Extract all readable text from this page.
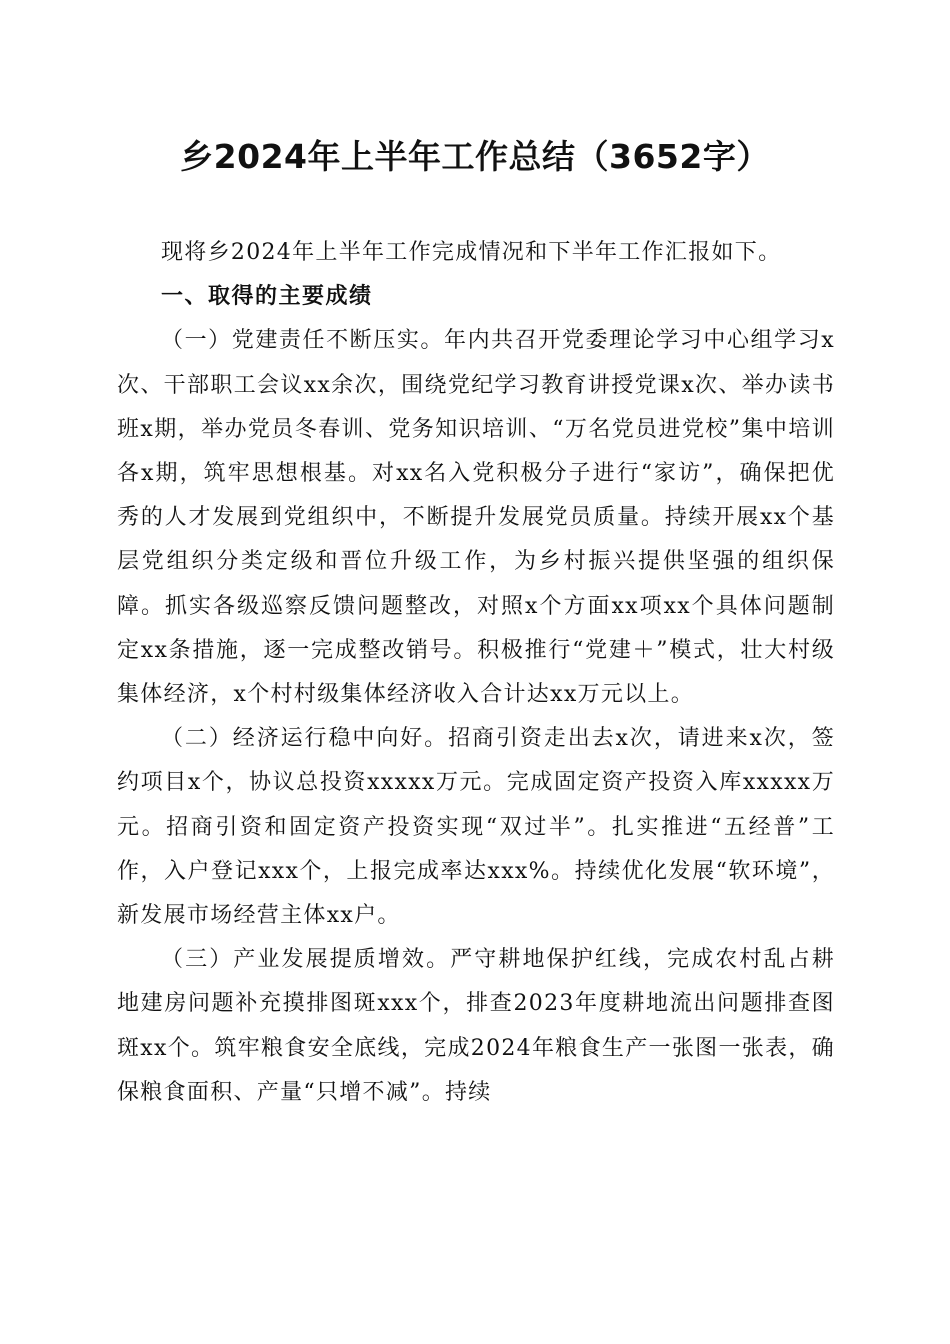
乡2024年上半年工作总结（3652字）

现将乡2024年上半年工作完成情况和下半年工作汇报如下。

一、取得的主要成绩

（一）党建责任不断压实。年内共召开党委理论学习中心组学习x次、干部职工会议xx余次，围绕党纪学习教育讲授党课x次、举办读书班x期，举办党员冬春训、党务知识培训、“万名党员进党校”集中培训各x期，筑牢思想根基。对xx名入党积极分子进行“家访”，确保把优秀的人才发展到党组织中，不断提升发展党员质量。持续开展xx个基层党组织分类定级和晋位升级工作，为乡村振兴提供坚强的组织保障。抓实各级巡察反馈问题整改，对照x个方面xx项xx个具体问题制定xx条措施，逐一完成整改销号。积极推行“党建＋”模式，壮大村级集体经济，x个村村级集体经济收入合计达xx万元以上。

（二）经济运行稳中向好。招商引资走出去x次，请进来x次，签约项目x个，协议总投资xxxxx万元。完成固定资产投资入库xxxxx万元。招商引资和固定资产投资实现“双过半”。扎实推进“五经普”工作，入户登记xxx个，上报完成率达xxx%。持续优化发展“软环境”，新发展市场经营主体xx户。

（三）产业发展提质增效。严守耕地保护红线，完成农村乱占耕地建房问题补充摸排图斑xxx个，排查2023年度耕地流出问题排查图斑xx个。筑牢粮食安全底线，完成2024年粮食生产一张图一张表，确保粮食面积、产量“只增不减”。持续
